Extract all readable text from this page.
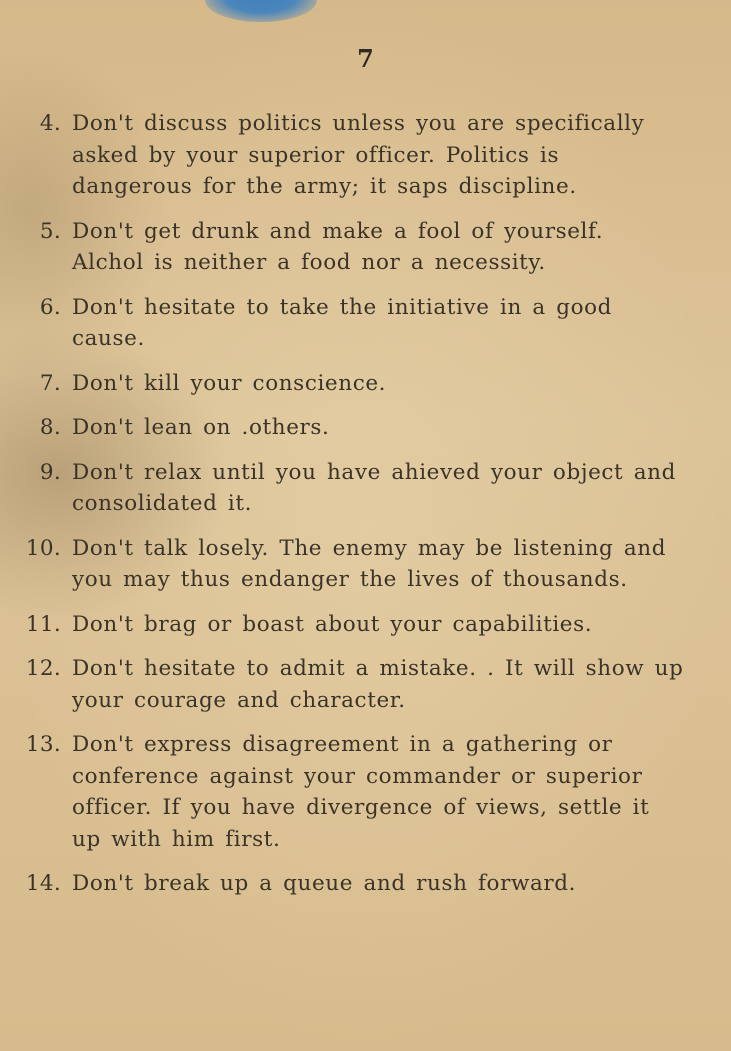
7
4. Don't discuss politics unless you are specifically asked by your superior officer. Politics is dangerous for the army; it saps discipline.
5. Don't get drunk and make a fool of yourself. Alchol is neither a food nor a necessity.
6. Don't hesitate to take the initiative in a good cause.
7. Don't kill your conscience.
8. Don't lean on .others.
9. Don't relax until you have ahieved your object and consolidated it.
10. Don't talk losely. The enemy may be listening and you may thus endanger the lives of thousands.
11. Don't brag or boast about your capabilities.
12. Don't hesitate to admit a mistake. . It will show up your courage and character.
13. Don't express disagreement in a gathering or conference against your commander or superior officer. If you have divergence of views, settle it up with him first.
14. Don't break up a queue and rush forward.
